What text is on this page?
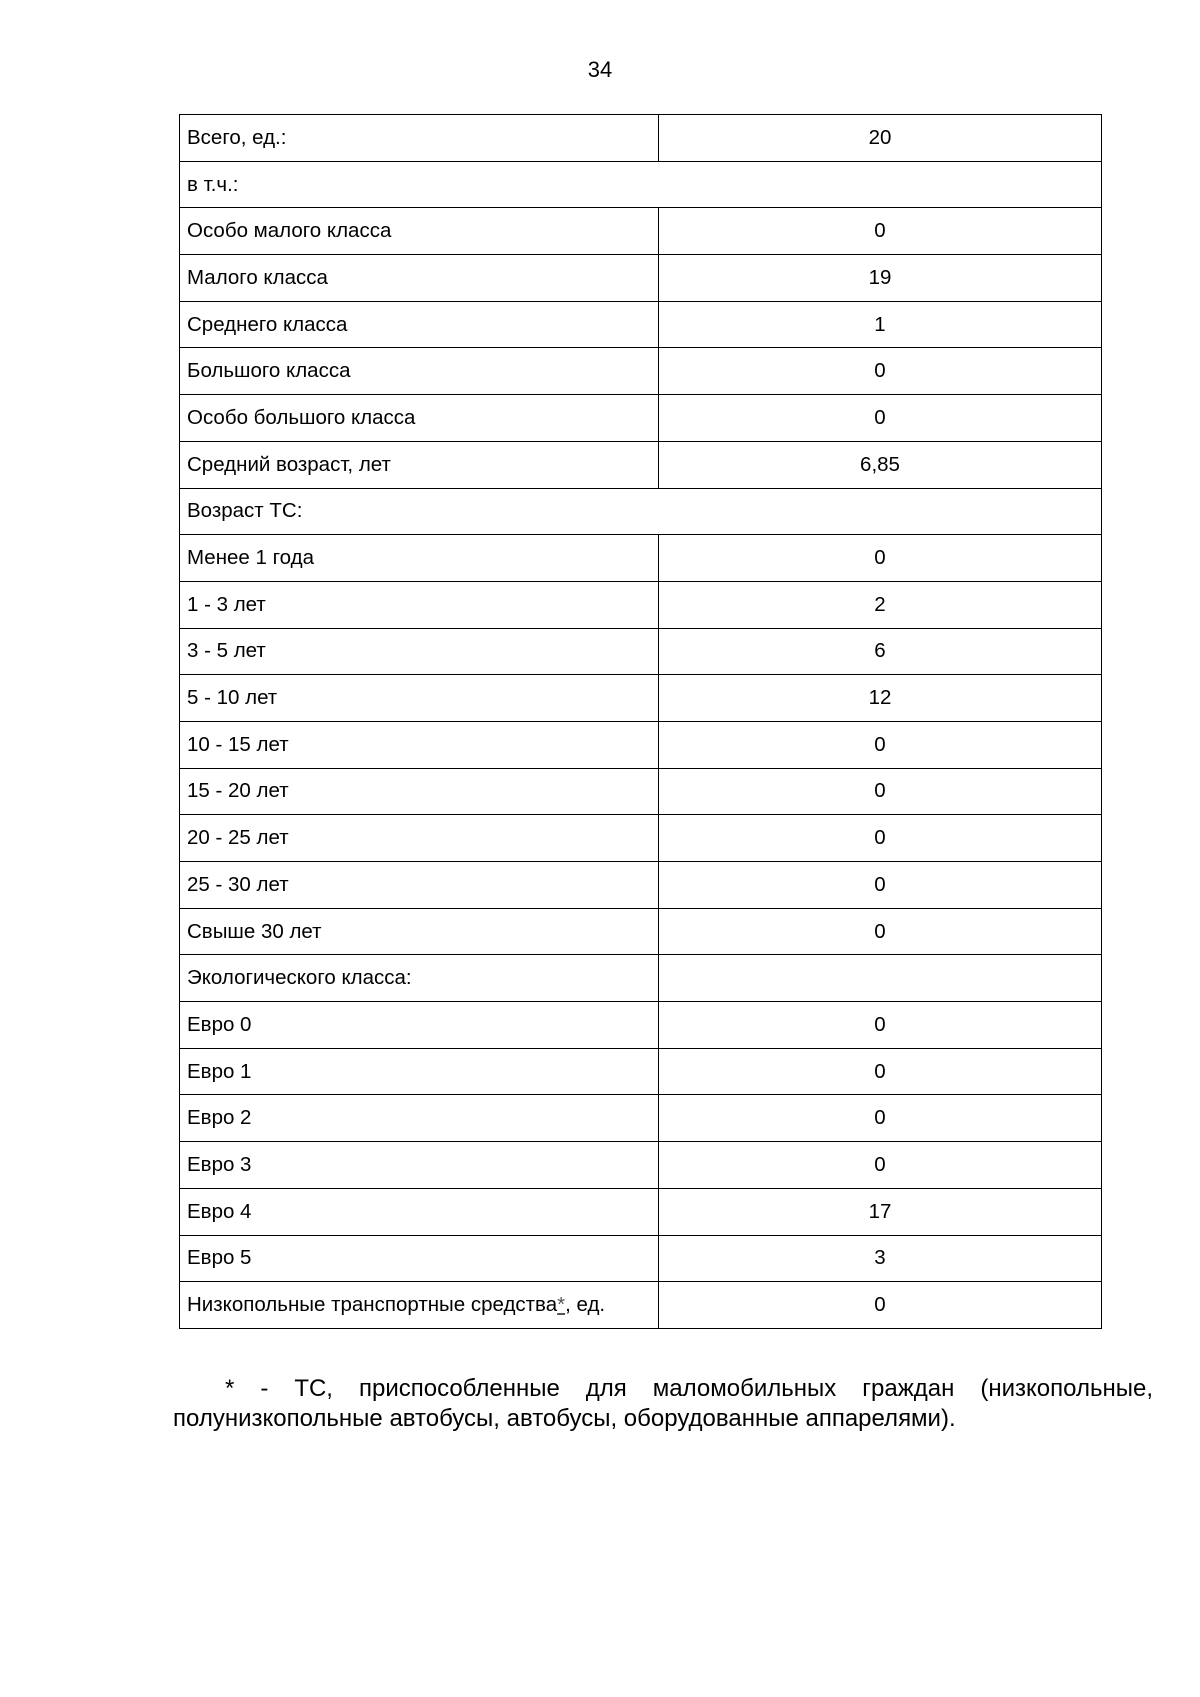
34
Всего, ед.:	20
в т.ч.:	
Особо малого класса	0
Малого класса	19
Среднего класса	1
Большого класса	0
Особо большого класса	0
Средний возраст, лет	6,85
Возраст ТС:	
Менее 1 года	0
1 - 3 лет	2
3 - 5 лет	6
5 - 10 лет	12
10 - 15 лет	0
15 - 20 лет	0
20 - 25 лет	0
25 - 30 лет	0
Свыше 30 лет	0
Экологического класса:	
Евро 0	0
Евро 1	0
Евро 2	0
Евро 3	0
Евро 4	17
Евро 5	3
Низкопольные транспортные средства*, ед.	0

* - ТС, приспособленные для маломобильных граждан (низкопольные, полунизкопольные автобусы, автобусы, оборудованные аппарелями).
